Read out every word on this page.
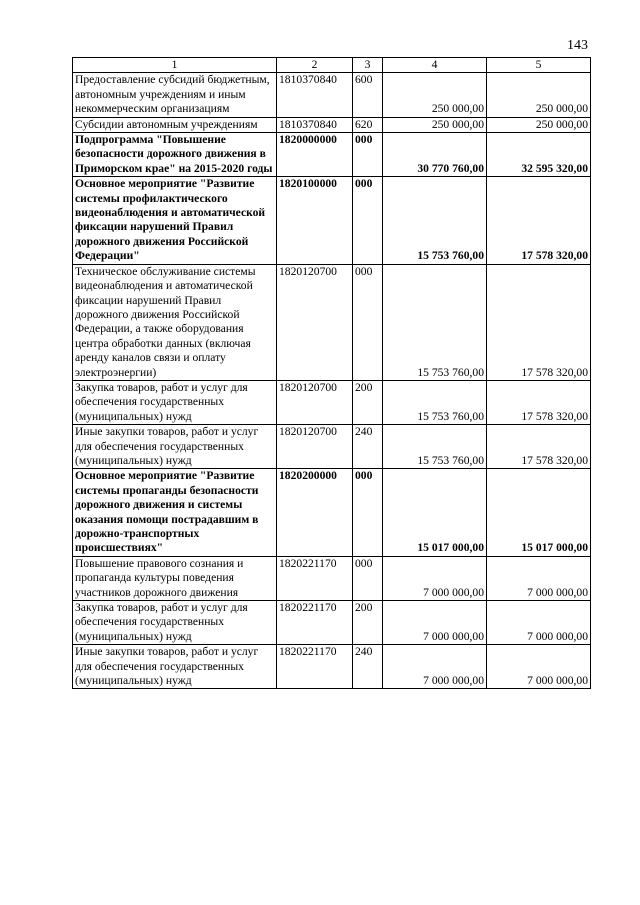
143
1	2	3	4	5
Предоставление субсидий бюджетным, автономным учреждениям и иным некоммерческим организациям	1810370840	600	250 000,00	250 000,00
Субсидии автономным учреждениям	1810370840	620	250 000,00	250 000,00
Подпрограмма "Повышение безопасности дорожного движения в Приморском крае" на 2015-2020 годы	1820000000	000	30 770 760,00	32 595 320,00
Основное мероприятие "Развитие системы профилактического видеонаблюдения и автоматической фиксации нарушений Правил дорожного движения Российской Федерации"	1820100000	000	15 753 760,00	17 578 320,00
Техническое обслуживание системы видеонаблюдения и автоматической фиксации нарушений Правил дорожного движения Российской Федерации, а также оборудования центра обработки данных (включая аренду каналов связи и оплату электроэнергии)	1820120700	000	15 753 760,00	17 578 320,00
Закупка товаров, работ и услуг для обеспечения государственных (муниципальных) нужд	1820120700	200	15 753 760,00	17 578 320,00
Иные закупки товаров, работ и услуг для обеспечения государственных (муниципальных) нужд	1820120700	240	15 753 760,00	17 578 320,00
Основное мероприятие "Развитие системы пропаганды безопасности дорожного движения и системы оказания помощи пострадавшим в дорожно-транспортных происшествиях"	1820200000	000	15 017 000,00	15 017 000,00
Повышение правового сознания и пропаганда культуры поведения участников дорожного движения	1820221170	000	7 000 000,00	7 000 000,00
Закупка товаров, работ и услуг для обеспечения государственных (муниципальных) нужд	1820221170	200	7 000 000,00	7 000 000,00
Иные закупки товаров, работ и услуг для обеспечения государственных (муниципальных) нужд	1820221170	240	7 000 000,00	7 000 000,00
